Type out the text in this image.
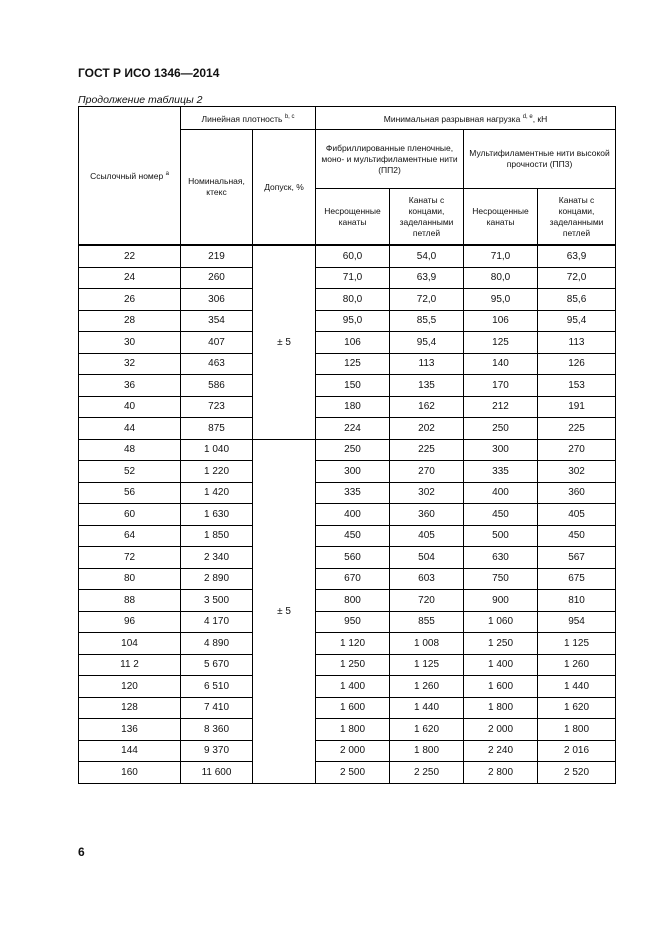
ГОСТ Р ИСО 1346—2014
Продолжение таблицы 2
Ссылочный номер $^a$	Линейная плотность $^{b, c}$		Минимальная разрывная нагрузка $^{d, e}$, кН			
	Номинальная, ктекс	Допуск, %	Фибриллированные пленочные, моно- и мультифиламентные нити (ПП2)		Мультифиламентные нити высокой прочности (ПП3)	
			Несрощенные канаты	Канаты с концами, заделанными петлей	Несрощенные канаты	Канаты с концами, заделанными петлей
22	219	± 5	60,0	54,0	71,0	63,9
24	260		71,0	63,9	80,0	72,0
26	306		80,0	72,0	95,0	85,6
28	354		95,0	85,5	106	95,4
30	407		106	95,4	125	113
32	463		125	113	140	126
36	586		150	135	170	153
40	723		180	162	212	191
44	875		224	202	250	225
48	1 040	± 5	250	225	300	270
52	1 220		300	270	335	302
56	1 420		335	302	400	360
60	1 630		400	360	450	405
64	1 850		450	405	500	450
72	2 340		560	504	630	567
80	2 890		670	603	750	675
88	3 500		800	720	900	810
96	4 170		950	855	1 060	954
104	4 890		1 120	1 008	1 250	1 125
11 2	5 670		1 250	1 125	1 400	1 260
120	6 510		1 400	1 260	1 600	1 440
128	7 410		1 600	1 440	1 800	1 620
136	8 360		1 800	1 620	2 000	1 800
144	9 370		2 000	1 800	2 240	2 016
160	11 600		2 500	2 250	2 800	2 520
6
